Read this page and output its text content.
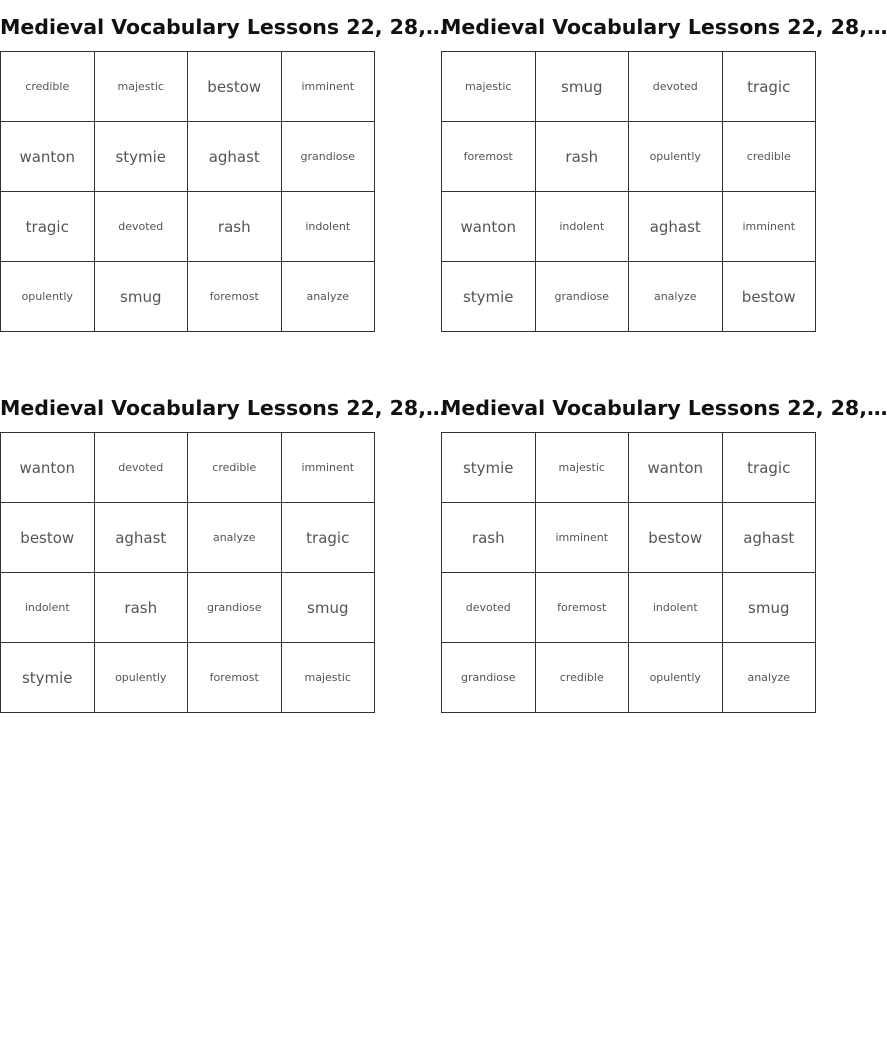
Medieval Vocabulary Lessons 22, 28,…
credible	majestic	bestow	imminent
wanton	stymie	aghast	grandiose
tragic	devoted	rash	indolent
opulently	smug	foremost	analyze
Medieval Vocabulary Lessons 22, 28,…
majestic	smug	devoted	tragic
foremost	rash	opulently	credible
wanton	indolent	aghast	imminent
stymie	grandiose	analyze	bestow
Medieval Vocabulary Lessons 22, 28,…
wanton	devoted	credible	imminent
bestow	aghast	analyze	tragic
indolent	rash	grandiose	smug
stymie	opulently	foremost	majestic
Medieval Vocabulary Lessons 22, 28,…
stymie	majestic	wanton	tragic
rash	imminent	bestow	aghast
devoted	foremost	indolent	smug
grandiose	credible	opulently	analyze
